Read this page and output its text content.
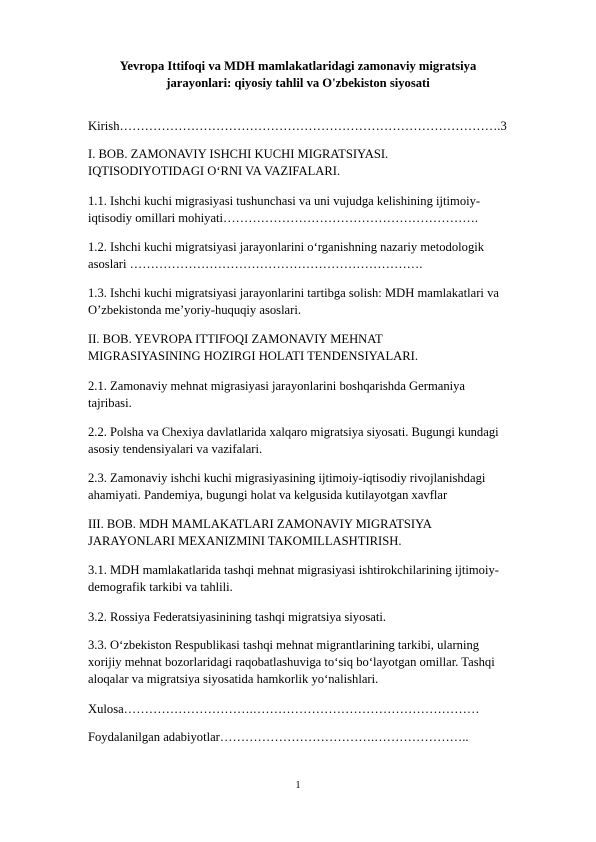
Yevropa Ittifoqi va MDH mamlakatlaridagi zamonaviy migratsiya
jarayonlari: qiyosiy tahlil va O'zbekiston siyosati
Kirish……………………………………………………………………………….3
I. BOB. ZAMONAVIY ISHCHI KUCHI MIGRATSIYASI.
IQTISODIYOTIDAGI O‘RNI VA VAZIFALARI.
1.1. Ishchi kuchi migrasiyasi tushunchasi va uni vujudga kelishining ijtimoiy-
iqtisodiy omillari mohiyati…………………………………………………….
1.2. Ishchi kuchi migratsiyasi jarayonlarini o‘rganishning nazariy metodologik
asoslari …………………………………………………………….
1.3. Ishchi kuchi migratsiyasi jarayonlarini tartibga solish: MDH mamlakatlari va
O’zbekistonda me’yoriy-huquqiy asoslari.
II. BOB. YEVROPA ITTIFOQI ZAMONAVIY MEHNAT
MIGRASIYASINING HOZIRGI HOLATI TENDENSIYALARI.
2.1. Zamonaviy mehnat migrasiyasi jarayonlarini boshqarishda Germaniya
tajribasi.
2.2. Polsha va Chexiya davlatlarida xalqaro migratsiya siyosati. Bugungi kundagi
asosiy tendensiyalari va vazifalari.
2.3. Zamonaviy ishchi kuchi migrasiyasining ijtimoiy-iqtisodiy rivojlanishdagi
ahamiyati. Pandemiya, bugungi holat va kelgusida kutilayotgan xavflar
III. BOB. MDH MAMLAKATLARI ZAMONAVIY MIGRATSIYA
JARAYONLARI MEXANIZMINI TAKOMILLASHTIRISH.
3.1. MDH mamlakatlarida tashqi mehnat migrasiyasi ishtirokchilarining ijtimoiy-
demografik tarkibi va tahlili.
3.2. Rossiya Federatsiyasinining tashqi migratsiya siyosati.
3.3. O‘zbekiston Respublikasi tashqi mehnat migrantlarining tarkibi, ularning
xorijiy mehnat bozorlaridagi raqobatlashuviga to‘siq bo‘layotgan omillar. Tashqi
aloqalar va migratsiya siyosatida hamkorlik yo‘nalishlari.
Xulosa………………………….………………………………………………
Foydalanilgan adabiyotlar……………………………….…………………..
1
